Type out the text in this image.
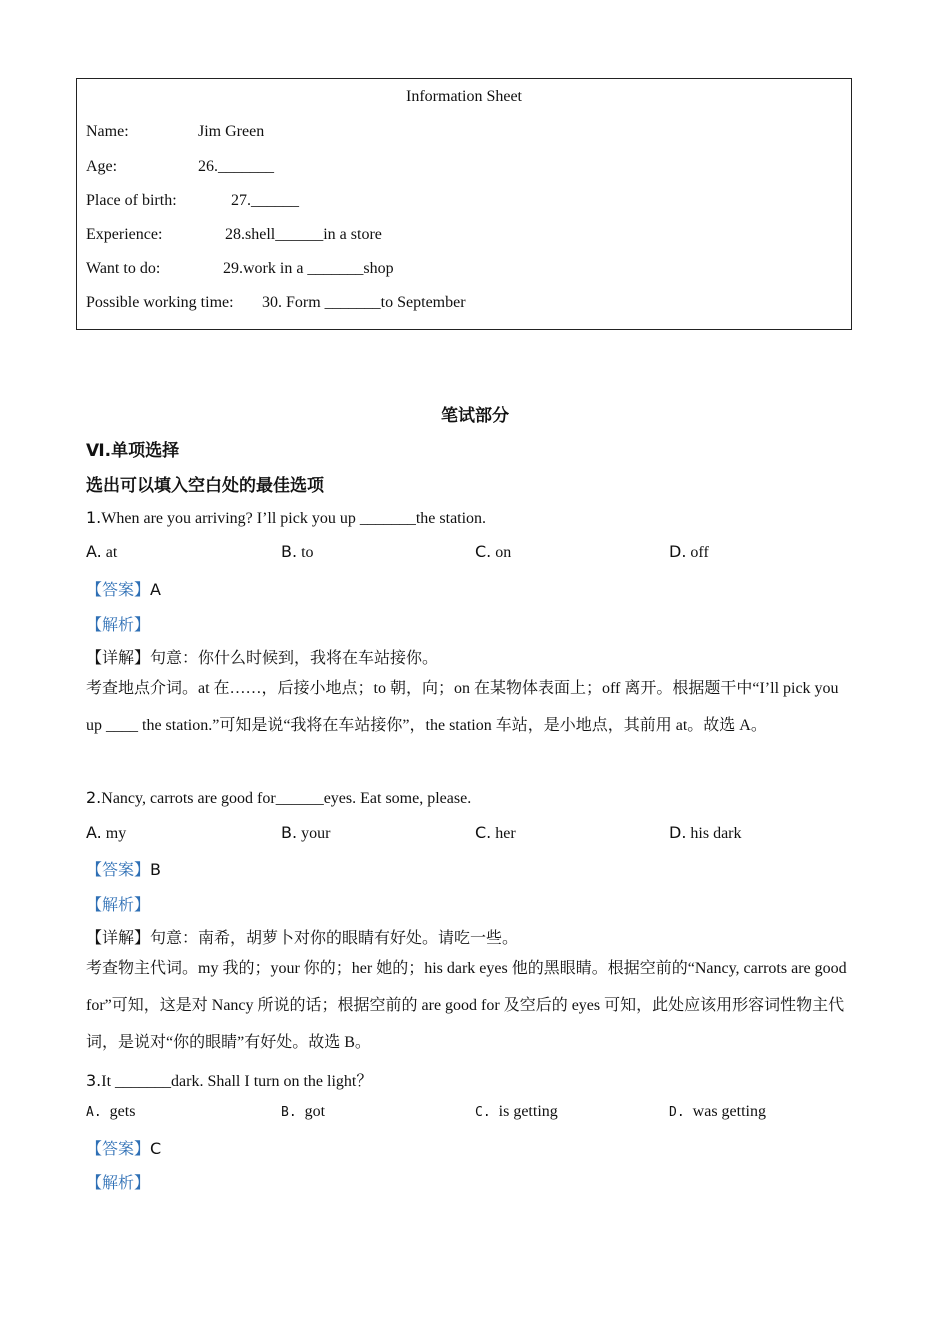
Information Sheet
Name:	Jim Green
Age:	26._______
Place of birth:	27.______
Experience:	28.shell______in a store
Want to do:	29.work in a _______shop
Possible working time: 30. Form _______to September
笔试部分
Ⅵ.单项选择
选出可以填入空白处的最佳选项
1.When are you arriving? I’ll pick you up _______the station.
A. at	B. to	C. on	D. off
【答案】A
【解析】
【详解】句意：你什么时候到，我将在车站接你。
考查地点介词。at 在……，后接小地点；to 朝，向；on 在某物体表面上；off 离开。根据题干中“I’ll pick you up ____ the station.”可知是说“我将在车站接你”，the station 车站，是小地点，其前用 at。故选 A。
2.Nancy, carrots are good for______eyes. Eat some, please.
A. my	B. your	C. her	D. his dark
【答案】B
【解析】
【详解】句意：南希，胡萝卜对你的眼睛有好处。请吃一些。
考查物主代词。my 我的；your 你的；her 她的；his dark eyes 他的黑眼睛。根据空前的“Nancy, carrots are good for”可知，这是对 Nancy 所说的话；根据空前的 are good for 及空后的 eyes 可知，此处应该用形容词性物主代词，是说对“你的眼睛”有好处。故选 B。
3.It _______dark. Shall I turn on the light？
A. gets	B. got	C. is getting	D. was getting
【答案】C
【解析】
